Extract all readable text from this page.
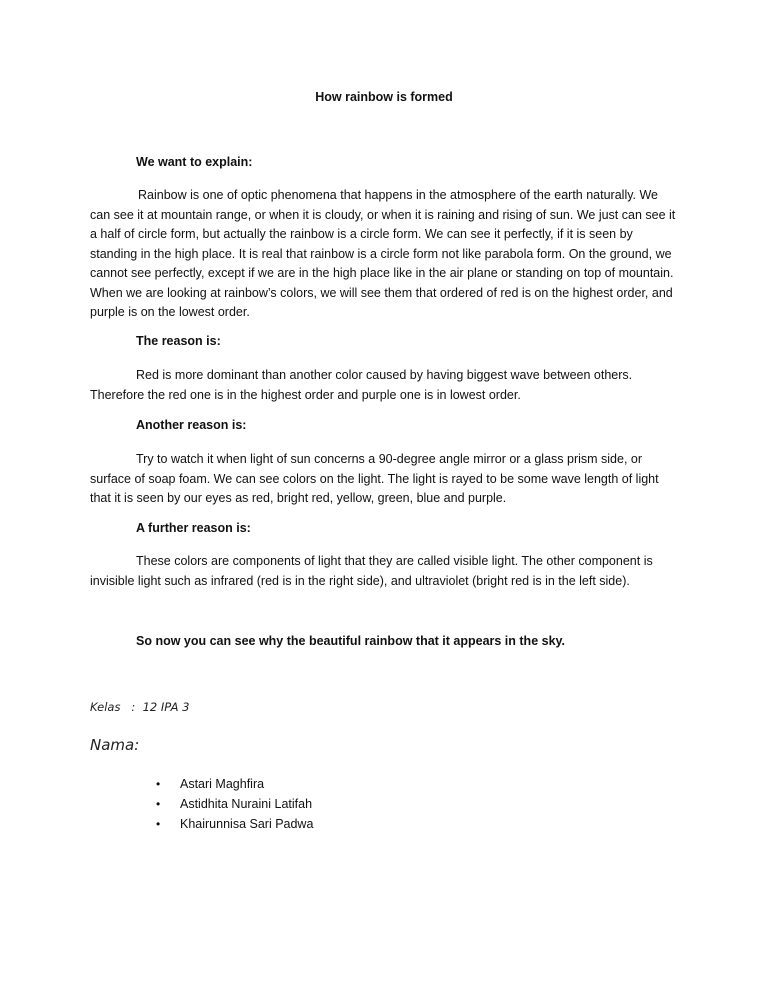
How rainbow is formed
We want to explain:
Rainbow is one of optic phenomena that happens in the atmosphere of the earth naturally. We can see it at mountain range, or when it is cloudy, or when it is raining and rising of sun. We just can see it a half of circle form, but actually the rainbow is a circle form. We can see it perfectly, if it is seen by standing in the high place. It is real that rainbow is a circle form not like parabola form. On the ground, we cannot see perfectly, except if we are in the high place like in the air plane or standing on top of mountain. When we are looking at rainbow’s colors, we will see them that ordered of red is on the highest order, and purple is on the lowest order.
The reason is:
Red is more dominant than another color caused by having biggest wave between others. Therefore the red one is in the highest order and purple one is in lowest order.
Another reason is:
Try to watch it when light of sun concerns a 90-degree angle mirror or a glass prism side, or surface of soap foam. We can see colors on the light. The light is rayed to be some wave length of light that it is seen by our eyes as red, bright red, yellow, green, blue and purple.
A further reason is:
These colors are components of light that they are called visible light. The other component is invisible light such as infrared (red is in the right side), and ultraviolet (bright red is in the left side).
So now you can see why the beautiful rainbow that it appears in the sky.
Kelas : 12 IPA 3
Nama:
• Astari Maghfira
• Astidhita Nuraini Latifah
• Khairunnisa Sari Padwa
